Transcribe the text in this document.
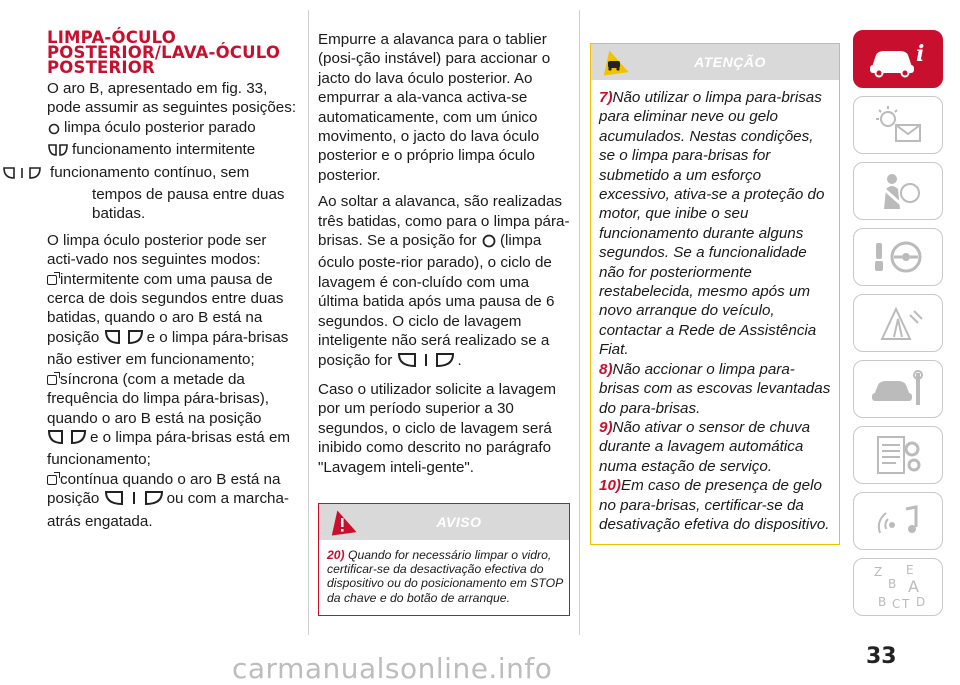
LIMPA-ÓCULO POSTERIOR/LAVA-ÓCULO POSTERIOR

O aro B, apresentado em fig. 33, pode assumir as seguintes posições:

limpa óculo posterior parado

funcionamento intermitente

funcionamento contínuo, sem tempos de pausa entre duas batidas.

O limpa óculo posterior pode ser acti-vado nos seguintes modos:

intermitente com uma pausa de cerca de dois segundos entre duas batidas, quando o aro B está na posição	e o limpa pára-brisas não estiver em funcionamento;

síncrona (com a metade da frequência do limpa pára-brisas), quando o aro B está na posição e o limpa pára-brisas está em funcionamento;

contínua quando o aro B está na posição	ou com a marcha-atrás engatada.

Empurre a alavanca para o tablier (posi-ção instável) para accionar o jacto do lava óculo posterior. Ao empurrar a ala-vanca activa-se automaticamente, com um único movimento, o jacto do lava óculo posterior e o próprio limpa óculo posterior.

Ao soltar a alavanca, são realizadas três batidas, como para o limpa pára-brisas. Se a posição for (limpa óculo poste-rior parado), o ciclo de lavagem é con-cluído com uma última batida após uma pausa de 6 segundos. O ciclo de lavagem inteligente não será realizado se a posição for	.

Caso o utilizador solicite a lavagem por um período superior a 30 segundos, o ciclo de lavagem será inibido como descrito no parágrafo "Lavagem inteli-gente".

AVISO
20) Quando for necessário limpar o vidro, certificar-se da desactivação efectiva do dispositivo ou do posicionamento em STOP da chave e do botão de arranque.
ATENÇÃO

7)Não utilizar o limpa para-brisas para eliminar neve ou gelo acumulados. Nestas condições, se o limpa para-brisas for submetido a um esforço excessivo, ativa-se a proteção do motor, que inibe o seu funcionamento durante alguns segundos. Se a funcionalidade não for posteriormente restabelecida, mesmo após um novo arranque do veículo, contactar a Rede de Assistência Fiat.

8)Não accionar o limpa para-brisas com as escovas levantadas do para-brisas.

9)Não ativar o sensor de chuva durante a lavagem automática numa estação de serviço.

10)Em caso de presença de gelo no para-brisas, certificar-se da desativação efetiva do dispositivo.

i
Z E
B A
B C T D
33
carmanualsonline.info
